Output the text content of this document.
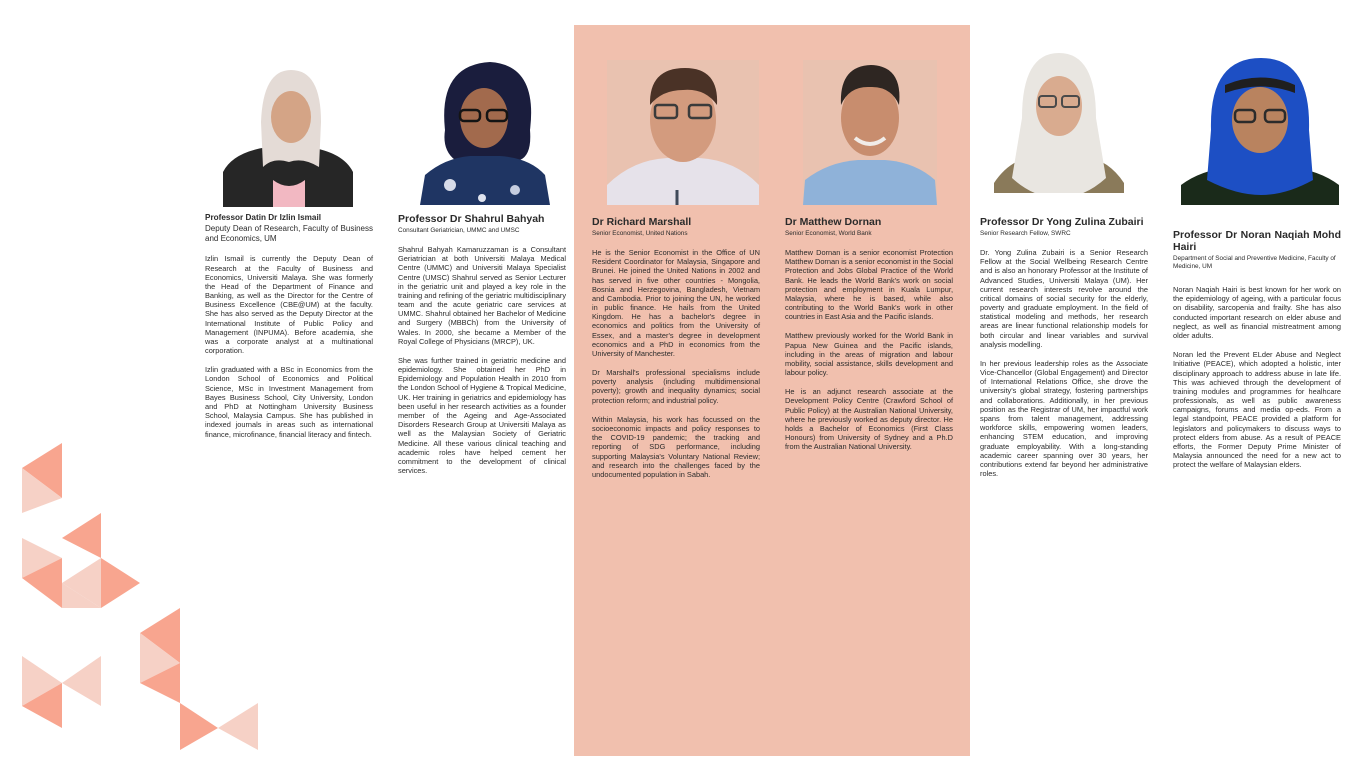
Professor Datin Dr Izlin Ismail

Deputy Dean of Research, Faculty of Business and Economics, UM

Izlin Ismail is currently the Deputy Dean of Research at the Faculty of Business and Economics, Universiti Malaya. She was formerly the Head of the Department of Finance and Banking, as well as the Director for the Centre of Business Excellence (CBE@UM) at the faculty. She has also served as the Deputy Director at the International Institute of Public Policy and Management (INPUMA). Before academia, she was a corporate analyst at a multinational corporation.

Izlin graduated with a BSc in Economics from the London School of Economics and Political Science, MSc in Investment Management from Bayes Business School, City University, London and PhD at Nottingham University Business School, Malaysia Campus. She has published in indexed journals in areas such as international finance, microfinance, financial literacy and fintech.

Professor Dr Shahrul Bahyah

Consultant Geriatrician, UMMC and UMSC

Shahrul Bahyah Kamaruzzaman is a Consultant Geriatrician at both Universiti Malaya Medical Centre (UMMC) and Universiti Malaya Specialist Centre (UMSC) Shahrul served as Senior Lecturer in the geriatric unit and played a key role in the training and refining of the geriatric multidisciplinary team and the acute geriatric care services at UMMC. Shahrul obtained her Bachelor of Medicine and Surgery (MBBCh) from the University of Wales. In 2000, she became a Member of the Royal College of Physicians (MRCP), UK.

She was further trained in geriatric medicine and epidemiology. She obtained her PhD in Epidemiology and Population Health in 2010 from the London School of Hygiene & Tropical Medicine, UK. Her training in geriatrics and epidemiology has been useful in her research activities as a founder member of the Ageing and Age-Associated Disorders Research Group at Universiti Malaya as well as the Malaysian Society of Geriatric Medicine. All these various clinical teaching and academic roles have helped cement her commitment to the development of clinical services.

Dr Richard Marshall

Senior Economist, United Nations

He is the Senior Economist in the Office of UN Resident Coordinator for Malaysia, Singapore and Brunei. He joined the United Nations in 2002 and has served in five other countries - Mongolia, Bosnia and Herzegovina, Bangladesh, Vietnam and Cambodia. Prior to joining the UN, he worked in public finance. He hails from the United Kingdom. He has a bachelor's degree in economics and politics from the University of Essex, and a master's degree in development economics and a PhD in economics from the University of Manchester.

Dr Marshall's professional specialisms include poverty analysis (including multidimensional poverty); growth and inequality dynamics; social protection reform; and industrial policy.

Within Malaysia, his work has focussed on the socioeconomic impacts and policy responses to the COVID-19 pandemic; the tracking and reporting of SDG performance, including supporting Malaysia's Voluntary National Review; and research into the challenges faced by the undocumented population in Sabah.

Dr Matthew Dornan

Senior Economist, World Bank

Matthew Dornan is a senior economist Protection Matthew Dornan is a senior economist in the Social Protection and Jobs Global Practice of the World Bank. He leads the World Bank's work on social protection and employment in Kuala Lumpur, Malaysia, where he is based, while also contributing to the World Bank's work in other countries in East Asia and the Pacific islands.

Matthew previously worked for the World Bank in Papua New Guinea and the Pacific islands, including in the areas of migration and labour mobility, social assistance, skills development and labour policy.

He is an adjunct research associate at the Development Policy Centre (Crawford School of Public Policy) at the Australian National University, where he previously worked as deputy director. He holds a Bachelor of Economics (First Class Honours) from University of Sydney and a Ph.D from the Australian National University.

Professor Dr Yong Zulina Zubairi

Senior Research Fellow, SWRC

Dr. Yong Zulina Zubairi is a Senior Research Fellow at the Social Wellbeing Research Centre and is also an honorary Professor at the Institute of Advanced Studies, Universiti Malaya (UM). Her current research interests revolve around the critical domains of social security for the elderly, poverty and graduate employment. In the field of statistical modeling and methods, her research areas are linear functional relationship models for both circular and linear variables and survival analysis modelling.

In her previous leadership roles as the Associate Vice-Chancellor (Global Engagement) and Director of International Relations Office, she drove the university's global strategy, fostering partnerships and collaborations. Additionally, in her previous position as the Registrar of UM, her impactful work spans from talent management, addressing workforce skills, empowering women leaders, enhancing STEM education, and improving graduate employability. With a long-standing academic career spanning over 30 years, her contributions extend far beyond her administrative roles.

Professor Dr Noran Naqiah Mohd Hairi

Department of Social and Preventive Medicine, Faculty of Medicine, UM

Noran Naqiah Hairi is best known for her work on the epidemiology of ageing, with a particular focus on disability, sarcopenia and frailty. She has also conducted important research on elder abuse and neglect, as well as financial mistreatment among older adults.

Noran led the Prevent ELder Abuse and Neglect Initiative (PEACE), which adopted a holistic, inter disciplinary approach to address abuse in late life. This was achieved through the development of training modules and programmes for healhcare professionals, as well as public awareness campaigns, forums and media op-eds. From a legal standpoint, PEACE provided a platform for legislators and policymakers to discuss ways to protect elders from abuse. As a result of PEACE efforts, the Former Deputy Prime Minister of Malaysia announced the need for a new act to protect the welfare of Malaysian elders.
